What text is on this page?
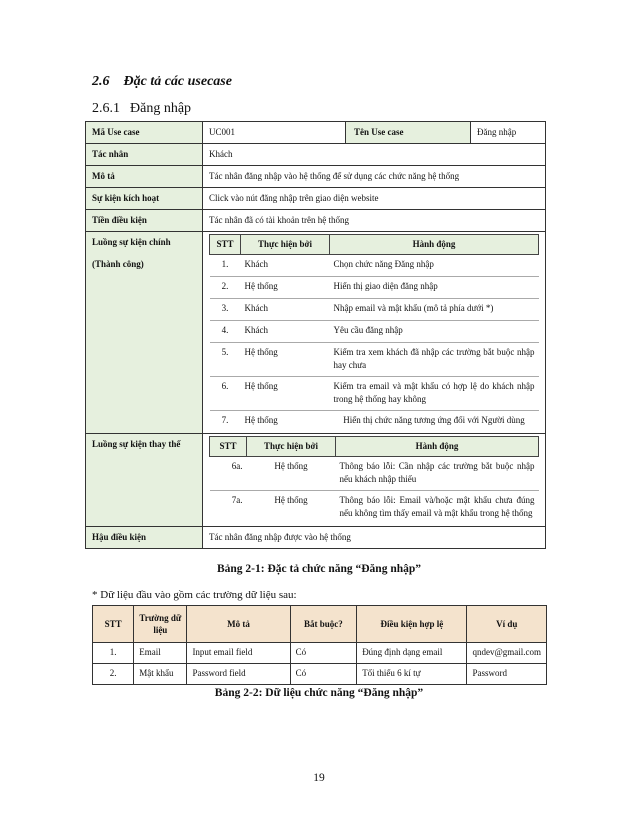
2.6 Đặc tả các usecase
2.6.1 Đăng nhập
Mã Use case	UC001	Tên Use case	Đăng nhập
Tác nhân	Khách
Mô tả	Tác nhân đăng nhập vào hệ thống để sử dụng các chức năng hệ thống
Sự kiện kích hoạt	Click vào nút đăng nhập trên giao diện website
Tiền điều kiện	Tác nhân đã có tài khoản trên hệ thống

Luồng sự kiện chính
(Thành công)

STT	Thực hiện bởi	Hành động
1.	Khách	Chọn chức năng Đăng nhập
2.	Hệ thống	Hiển thị giao diện đăng nhập
3.	Khách	Nhập email và mật khẩu (mô tả phía dưới *)
4.	Khách	Yêu cầu đăng nhập
5.	Hệ thống	Kiểm tra xem khách đã nhập các trường bắt buộc nhập hay chưa
6.	Hệ thống	Kiểm tra email và mật khẩu có hợp lệ do khách nhập trong hệ thống hay không
7.	Hệ thống	Hiển thị chức năng tương ứng đối với Người dùng

Luồng sự kiện thay thế		STT	Thực hiện bởi	Hành động
6a.	Hệ thống	Thông báo lỗi: Cần nhập các trường bắt buộc nhập nếu khách nhập thiếu
7a.	Hệ thống	Thông báo lỗi: Email và/hoặc mật khẩu chưa đúng nếu không tìm thấy email và mật khẩu trong hệ thống

Hậu điều kiện	Tác nhân đăng nhập được vào hệ thống
Bảng 2-1: Đặc tả chức năng “Đăng nhập”
* Dữ liệu đầu vào gồm các trường dữ liệu sau:
STT	Trường dữ liệu	Mô tả	Bắt buộc?	Điều kiện hợp lệ	Ví dụ
1.	Email	Input email field	Có	Đúng định dạng email	qndev@gmail.com
2.	Mật khẩu	Password field	Có	Tối thiểu 6 kí tự	Password
Bảng 2-2: Dữ liệu chức năng “Đăng nhập”
19
